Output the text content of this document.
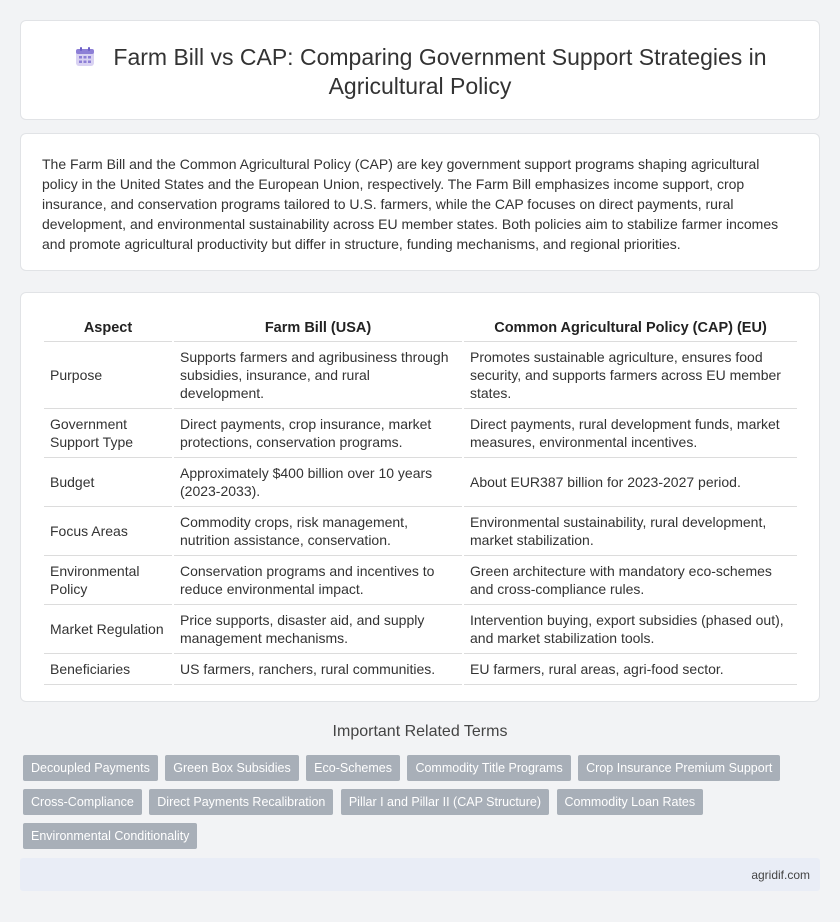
Farm Bill vs CAP: Comparing Government Support Strategies in Agricultural Policy

The Farm Bill and the Common Agricultural Policy (CAP) are key government support programs shaping agricultural policy in the United States and the European Union, respectively. The Farm Bill emphasizes income support, crop insurance, and conservation programs tailored to U.S. farmers, while the CAP focuses on direct payments, rural development, and environmental sustainability across EU member states. Both policies aim to stabilize farmer incomes and promote agricultural productivity but differ in structure, funding mechanisms, and regional priorities.

Aspect	Farm Bill (USA)	Common Agricultural Policy (CAP) (EU)
Purpose	Supports farmers and agribusiness through subsidies, insurance, and rural development.	Promotes sustainable agriculture, ensures food security, and supports farmers across EU member states.
Government Support Type	Direct payments, crop insurance, market protections, conservation programs.	Direct payments, rural development funds, market measures, environmental incentives.
Budget	Approximately $400 billion over 10 years (2023-2033).	About EUR387 billion for 2023-2027 period.
Focus Areas	Commodity crops, risk management, nutrition assistance, conservation.	Environmental sustainability, rural development, market stabilization.
Environmental Policy	Conservation programs and incentives to reduce environmental impact.	Green architecture with mandatory eco-schemes and cross-compliance rules.
Market Regulation	Price supports, disaster aid, and supply management mechanisms.	Intervention buying, export subsidies (phased out), and market stabilization tools.
Beneficiaries	US farmers, ranchers, rural communities.	EU farmers, rural areas, agri-food sector.
Important Related Terms
Decoupled Payments Green Box Subsidies Eco-Schemes Commodity Title Programs Crop Insurance Premium Support Cross-Compliance Direct Payments Recalibration Pillar I and Pillar II (CAP Structure) Commodity Loan Rates Environmental Conditionality
agridif.com
